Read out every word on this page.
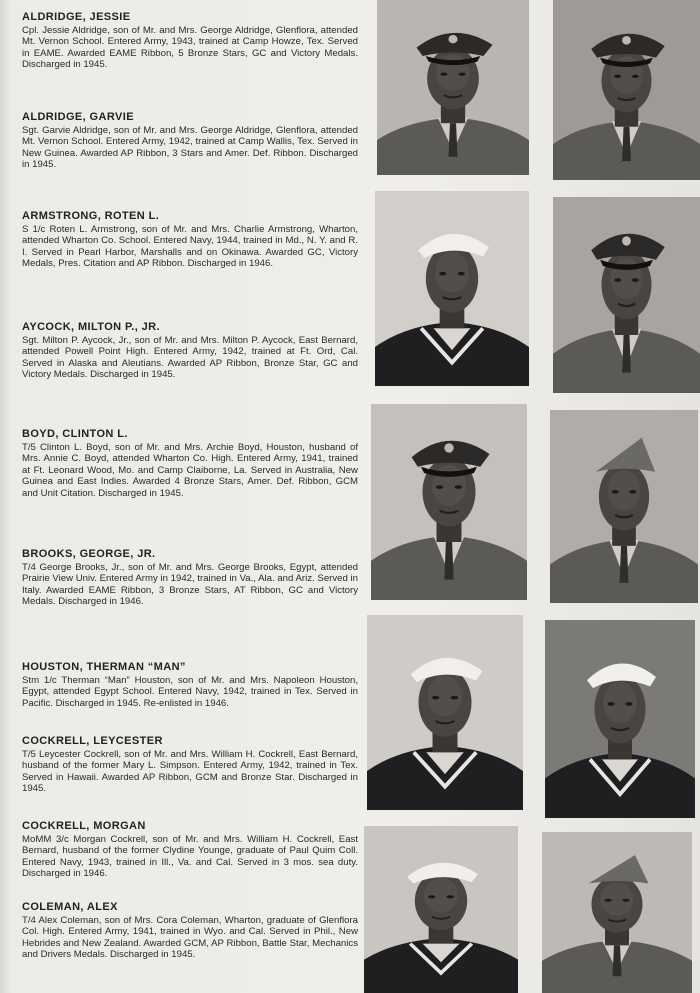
ALDRIDGE, JESSIE

Cpl. Jessie Aldridge, son of Mr. and Mrs. George Aldridge, Glenflora, attended Mt. Vernon School. Entered Army, 1943, trained at Camp Howze, Tex. Served in EAME. Awarded EAME Ribbon, 5 Bronze Stars, GC and Victory Medals. Discharged in 1945.

ALDRIDGE, GARVIE

Sgt. Garvie Aldridge, son of Mr. and Mrs. George Aldridge, Glenflora, attended Mt. Vernon School. Entered Army, 1942, trained at Camp Wallis, Tex. Served in New Guinea. Awarded AP Ribbon, 3 Stars and Amer. Def. Ribbon. Discharged in 1945.

ARMSTRONG, ROTEN L.

S 1/c Roten L. Armstrong, son of Mr. and Mrs. Charlie Armstrong, Wharton, attended Wharton Co. School. Entered Navy, 1944, trained in Md., N. Y. and R. I. Served in Pearl Harbor, Marshalls and on Okinawa. Awarded GC, Victory Medals, Pres. Citation and AP Ribbon. Discharged in 1946.

AYCOCK, MILTON P., JR.

Sgt. Milton P. Aycock, Jr., son of Mr. and Mrs. Milton P. Aycock, East Bernard, attended Powell Point High. Entered Army, 1942, trained at Ft. Ord, Cal. Served in Alaska and Aleutians. Awarded AP Ribbon, Bronze Star, GC and Victory Medals. Discharged in 1945.

BOYD, CLINTON L.

T/5 Clinton L. Boyd, son of Mr. and Mrs. Archie Boyd, Houston, husband of Mrs. Annie C. Boyd, attended Wharton Co. High. Entered Army, 1941, trained at Ft. Leonard Wood, Mo. and Camp Claiborne, La. Served in Australia, New Guinea and East Indies. Awarded 4 Bronze Stars, Amer. Def. Ribbon, GCM and Unit Citation. Discharged in 1945.

BROOKS, GEORGE, JR.

T/4 George Brooks, Jr., son of Mr. and Mrs. George Brooks, Egypt, attended Prairie View Univ. Entered Army in 1942, trained in Va., Ala. and Ariz. Served in Italy. Awarded EAME Ribbon, 3 Bronze Stars, AT Ribbon, GC and Victory Medals. Discharged in 1946.

HOUSTON, THERMAN “MAN”

Stm 1/c Therman “Man” Houston, son of Mr. and Mrs. Napoleon Houston, Egypt, attended Egypt School. Entered Navy, 1942, trained in Tex. Served in Pacific. Discharged in 1945. Re-enlisted in 1946.

COCKRELL, LEYCESTER

T/5 Leycester Cockrell, son of Mr. and Mrs. William H. Cockrell, East Bernard, husband of the former Mary L. Simpson. Entered Army, 1942, trained in Tex. Served in Hawaii. Awarded AP Ribbon, GCM and Bronze Star. Discharged in 1945.

COCKRELL, MORGAN

MoMM 3/c Morgan Cockrell, son of Mr. and Mrs. William H. Cockrell, East Bernard, husband of the former Clydine Younge, graduate of Paul Quim Coll. Entered Navy, 1943, trained in Ill., Va. and Cal. Served in 3 mos. sea duty. Discharged in 1946.

COLEMAN, ALEX

T/4 Alex Coleman, son of Mrs. Cora Coleman, Wharton, graduate of Glenflora Col. High. Entered Army, 1941, trained in Wyo. and Cal. Served in Phil., New Hebrides and New Zealand. Awarded GCM, AP Ribbon, Battle Star, Mechanics and Drivers Medals. Discharged in 1945.
